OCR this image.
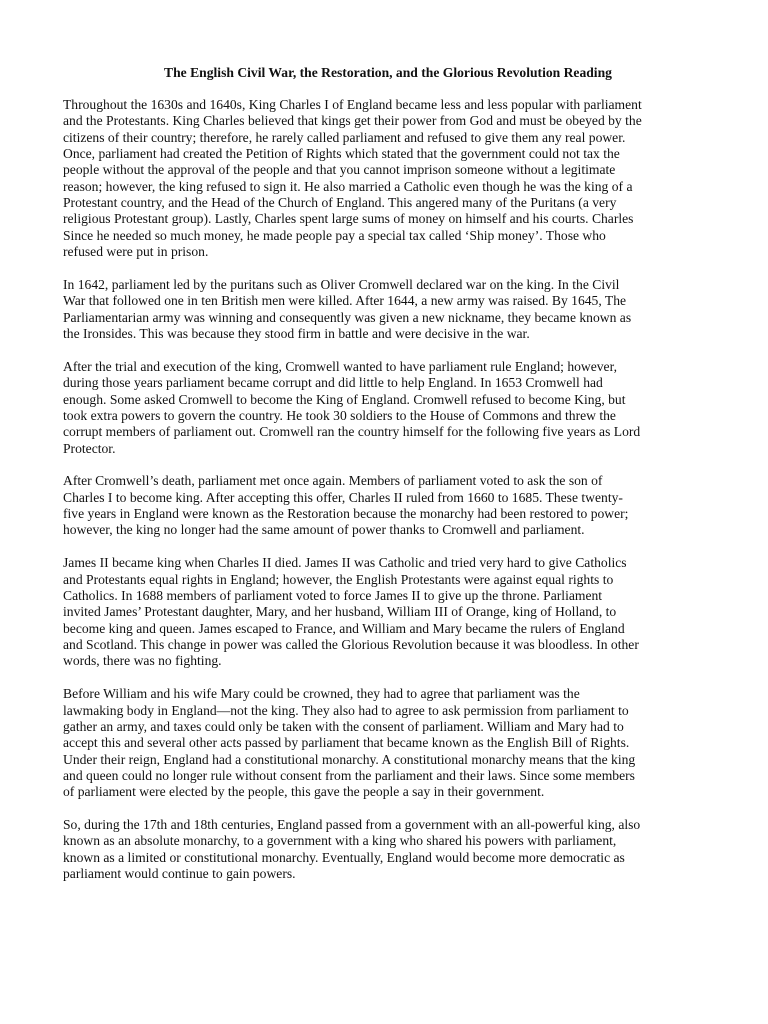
The English Civil War, the Restoration, and the Glorious Revolution Reading
Throughout the 1630s and 1640s, King Charles I of England became less and less popular with parliament
and the Protestants. King Charles believed that kings get their power from God and must be obeyed by the
citizens of their country; therefore, he rarely called parliament and refused to give them any real power.
Once, parliament had created the Petition of Rights which stated that the government could not tax the
people without the approval of the people and that you cannot imprison someone without a legitimate
reason; however, the king refused to sign it. He also married a Catholic even though he was the king of a
Protestant country, and the Head of the Church of England. This angered many of the Puritans (a very
religious Protestant group). Lastly, Charles spent large sums of money on himself and his courts. Charles
Since he needed so much money, he made people pay a special tax called ‘Ship money’. Those who
refused were put in prison.
In 1642, parliament led by the puritans such as Oliver Cromwell declared war on the king. In the Civil
War that followed one in ten British men were killed. After 1644, a new army was raised. By 1645, The
Parliamentarian army was winning and consequently was given a new nickname, they became known as
the Ironsides. This was because they stood firm in battle and were decisive in the war.
After the trial and execution of the king, Cromwell wanted to have parliament rule England; however,
during those years parliament became corrupt and did little to help England. In 1653 Cromwell had
enough. Some asked Cromwell to become the King of England. Cromwell refused to become King, but
took extra powers to govern the country. He took 30 soldiers to the House of Commons and threw the
corrupt members of parliament out. Cromwell ran the country himself for the following five years as Lord
Protector.
After Cromwell’s death, parliament met once again. Members of parliament voted to ask the son of
Charles I to become king. After accepting this offer, Charles II ruled from 1660 to 1685. These twenty-
five years in England were known as the Restoration because the monarchy had been restored to power;
however, the king no longer had the same amount of power thanks to Cromwell and parliament.
James II became king when Charles II died. James II was Catholic and tried very hard to give Catholics
and Protestants equal rights in England; however, the English Protestants were against equal rights to
Catholics. In 1688 members of parliament voted to force James II to give up the throne. Parliament
invited James’ Protestant daughter, Mary, and her husband, William III of Orange, king of Holland, to
become king and queen. James escaped to France, and William and Mary became the rulers of England
and Scotland. This change in power was called the Glorious Revolution because it was bloodless. In other
words, there was no fighting.
Before William and his wife Mary could be crowned, they had to agree that parliament was the
lawmaking body in England—not the king. They also had to agree to ask permission from parliament to
gather an army, and taxes could only be taken with the consent of parliament. William and Mary had to
accept this and several other acts passed by parliament that became known as the English Bill of Rights.
Under their reign, England had a constitutional monarchy. A constitutional monarchy means that the king
and queen could no longer rule without consent from the parliament and their laws. Since some members
of parliament were elected by the people, this gave the people a say in their government.
So, during the 17th and 18th centuries, England passed from a government with an all-powerful king, also
known as an absolute monarchy, to a government with a king who shared his powers with parliament,
known as a limited or constitutional monarchy. Eventually, England would become more democratic as
parliament would continue to gain powers.
